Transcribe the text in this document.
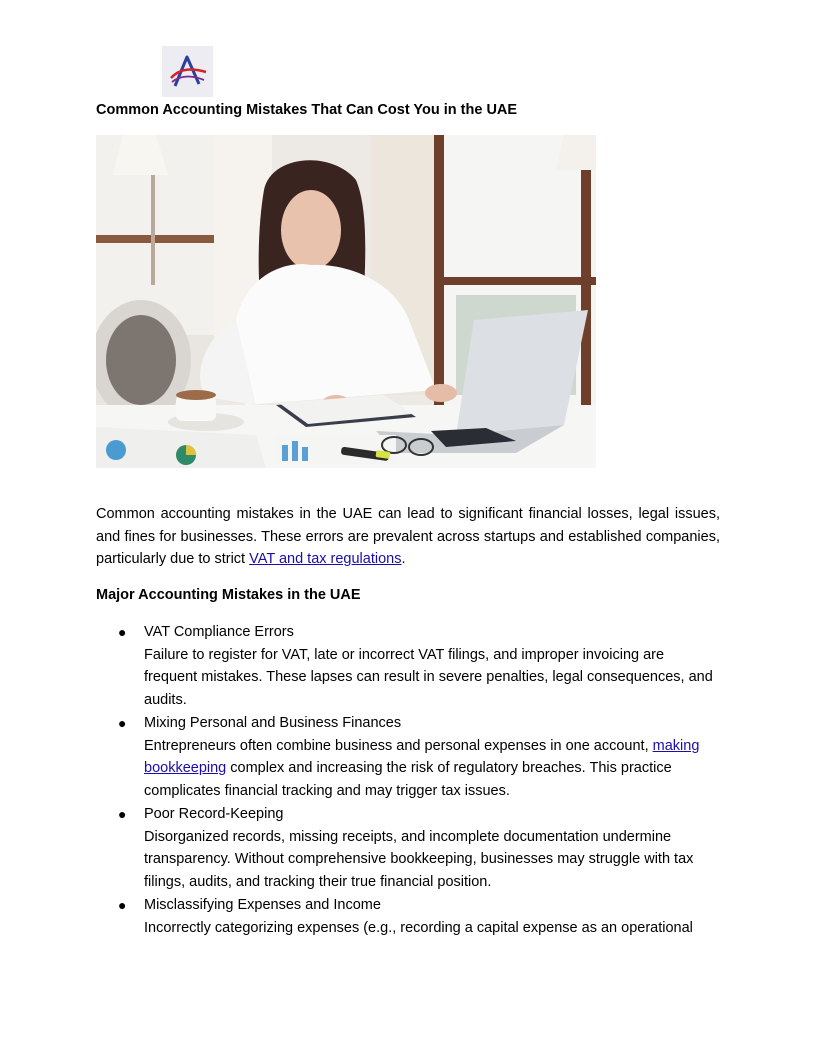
Common Accounting Mistakes That Can Cost You in the UAE

Common accounting mistakes in the UAE can lead to significant financial losses, legal issues, and fines for businesses. These errors are prevalent across startups and established companies, particularly due to strict VAT and tax regulations.

Major Accounting Mistakes in the UAE
● VAT Compliance Errors
Failure to register for VAT, late or incorrect VAT filings, and improper invoicing are frequent mistakes. These lapses can result in severe penalties, legal consequences, and audits.
● Mixing Personal and Business Finances
Entrepreneurs often combine business and personal expenses in one account, making bookkeeping complex and increasing the risk of regulatory breaches. This practice complicates financial tracking and may trigger tax issues.
● Poor Record-Keeping
Disorganized records, missing receipts, and incomplete documentation undermine transparency. Without comprehensive bookkeeping, businesses may struggle with tax filings, audits, and tracking their true financial position.
● Misclassifying Expenses and Income
Incorrectly categorizing expenses (e.g., recording a capital expense as an operational
